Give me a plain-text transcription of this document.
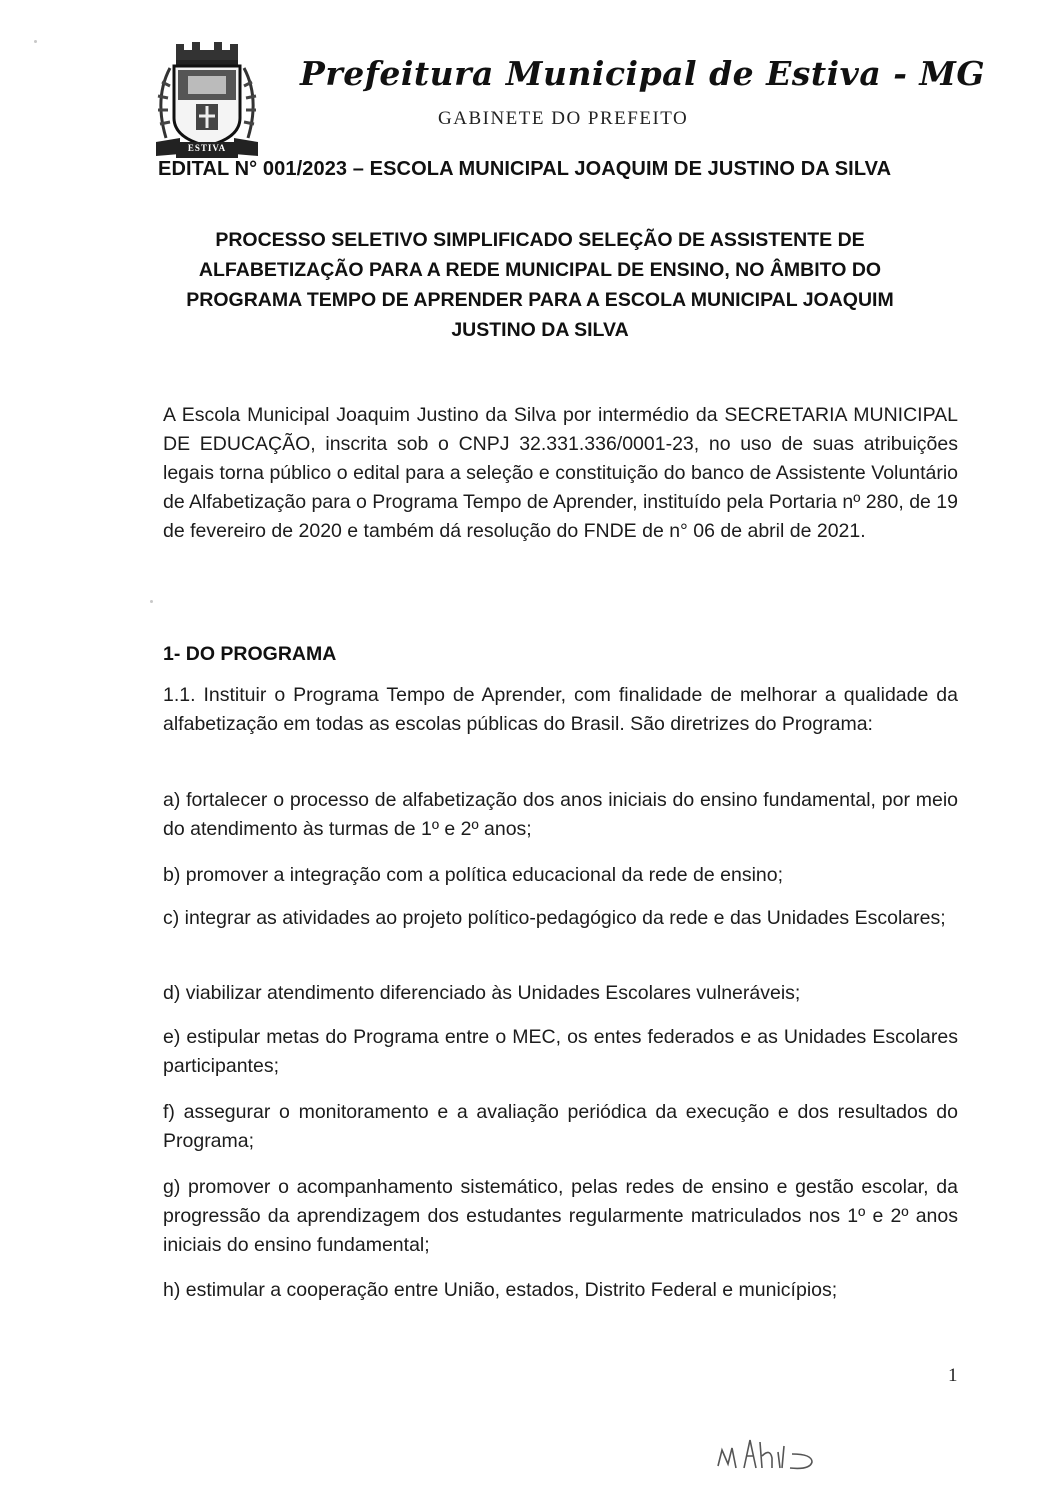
ESTIVA
Prefeitura Municipal de Estiva - MG
GABINETE DO PREFEITO
EDITAL N° 001/2023 – ESCOLA MUNICIPAL JOAQUIM DE JUSTINO DA SILVA
PROCESSO SELETIVO SIMPLIFICADO SELEÇÃO DE ASSISTENTE DE
ALFABETIZAÇÃO PARA A REDE MUNICIPAL DE ENSINO, NO ÂMBITO DO
PROGRAMA TEMPO DE APRENDER PARA A ESCOLA MUNICIPAL JOAQUIM
JUSTINO DA SILVA
A Escola Municipal Joaquim Justino da Silva por intermédio da SECRETARIA MUNICIPAL DE EDUCAÇÃO, inscrita sob o CNPJ 32.331.336/0001-23, no uso de suas atribuições legais torna público o edital para a seleção e constituição do banco de Assistente Voluntário de Alfabetização para o Programa Tempo de Aprender, instituído pela Portaria nº 280, de 19 de fevereiro de 2020 e também dá resolução do FNDE de n° 06 de abril de 2021.
1- DO PROGRAMA
1.1. Instituir o Programa Tempo de Aprender, com finalidade de melhorar a qualidade da alfabetização em todas as escolas públicas do Brasil. São diretrizes do Programa:
a) fortalecer o processo de alfabetização dos anos iniciais do ensino fundamental, por meio do atendimento às turmas de 1º e 2º anos;
b) promover a integração com a política educacional da rede de ensino;
c) integrar as atividades ao projeto político-pedagógico da rede e das Unidades Escolares;
d) viabilizar atendimento diferenciado às Unidades Escolares vulneráveis;
e) estipular metas do Programa entre o MEC, os entes federados e as Unidades Escolares participantes;
f) assegurar o monitoramento e a avaliação periódica da execução e dos resultados do Programa;
g) promover o acompanhamento sistemático, pelas redes de ensino e gestão escolar, da progressão da aprendizagem dos estudantes regularmente matriculados nos 1º e 2º anos iniciais do ensino fundamental;
h) estimular a cooperação entre União, estados, Distrito Federal e municípios;
1
